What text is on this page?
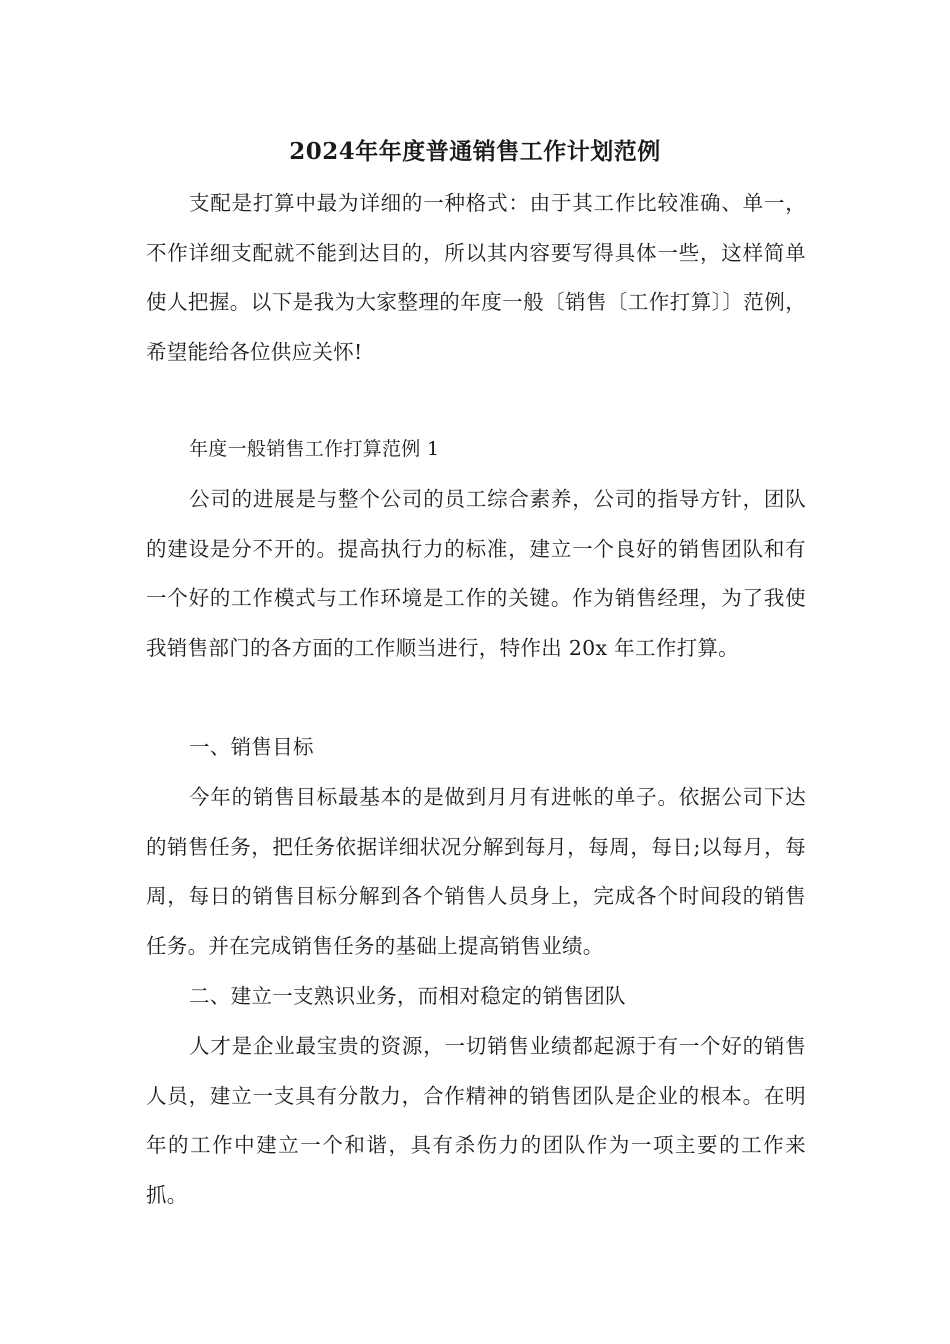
2024年年度普通销售工作计划范例

支配是打算中最为详细的一种格式：由于其工作比较准确、单一，不作详细支配就不能到达目的，所以其内容要写得具体一些，这样简单使人把握。以下是我为大家整理的年度一般〔销售〔工作打算〕〕范例，希望能给各位供应关怀!

年度一般销售工作打算范例 1

公司的进展是与整个公司的员工综合素养，公司的指导方针，团队的建设是分不开的。提高执行力的标准，建立一个良好的销售团队和有一个好的工作模式与工作环境是工作的关键。作为销售经理，为了我使我销售部门的各方面的工作顺当进行，特作出 20x 年工作打算。

一、销售目标

今年的销售目标最基本的是做到月月有进帐的单子。依据公司下达的销售任务，把任务依据详细状况分解到每月，每周，每日;以每月，每周，每日的销售目标分解到各个销售人员身上，完成各个时间段的销售任务。并在完成销售任务的基础上提高销售业绩。

二、建立一支熟识业务，而相对稳定的销售团队

人才是企业最宝贵的资源，一切销售业绩都起源于有一个好的销售人员，建立一支具有分散力，合作精神的销售团队是企业的根本。在明年的工作中建立一个和谐，具有杀伤力的团队作为一项主要的工作来抓。
